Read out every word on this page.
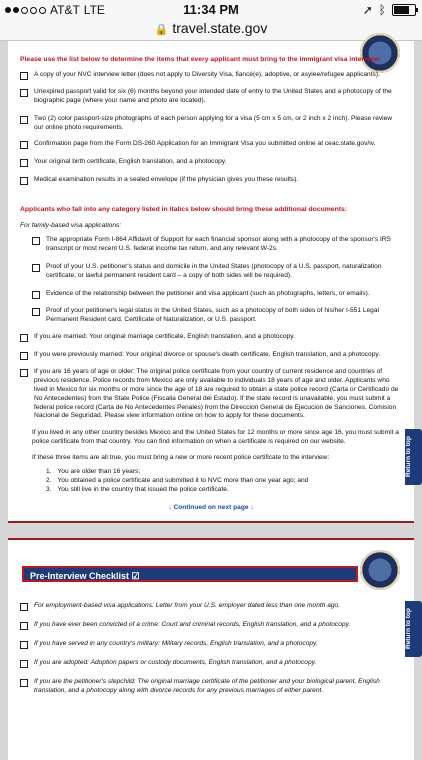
AT&T LTE	11:34 PM	➚ ᛒ
🔒 travel.state.gov
Please use the list below to determine the items that every applicant must bring to the immigrant visa interview:
A copy of your NVC interview letter (does not apply to Diversity Visa, fiancé(e), adoptive, or asylee/refugee applicants).
Unexpired passport valid for six (6) months beyond your intended date of entry to the United States and a photocopy of the biographic page (where your name and photo are located).
Two (2) color passport-size photographs of each person applying for a visa (5 cm x 5 cm, or 2 inch x 2 inch). Please review our online photo requirements.
Confirmation page from the Form DS-260 Application for an Immigrant Visa you submitted online at ceac.state.gov/iv.
Your original birth certificate, English translation, and a photocopy.
Medical examination results in a sealed envelope (if the physician gives you these results).
Applicants who fall into any category listed in italics below should bring these additional documents:
For family-based visa applications:
The appropriate Form I-864 Affidavit of Support for each financial sponsor along with a photocopy of the sponsor's IRS transcript or most recent U.S. federal income tax return, and any relevant W-2s.
Proof of your U.S. petitioner's status and domicile in the United States (photocopy of a U.S. passport, naturalization certificate, or lawful permanent resident card – a copy of both sides will be required).
Evidence of the relationship between the petitioner and visa applicant (such as photographs, letters, or emails).
Proof of your petitioner's legal status in the United States, such as a photocopy of both sides of his/her I-551 Legal Permanent Resident card, Certificate of Naturalization, or U.S. passport.
If you are married: Your original marriage certificate, English translation, and a photocopy.
If you were previously married: Your original divorce or spouse's death certificate, English translation, and a photocopy.
If you are 16 years of age or older: The original police certificate from your country of current residence and countries of previous residence. Police records from Mexico are only available to individuals 18 years of age and older. Applicants who lived in Mexico for six months or more since the age of 18 are required to obtain a state police record (Carta or Certificado de No Antecedentes) from the State Police (Fiscalia General del Estado). If the state record is unavailable, you must submit a federal police record (Carta de No Antecedentes Penales) from the Direccion General de Ejecucion de Sanciones, Comision Nacional de Seguridad. Please view information online on how to apply for these documents.
If you lived in any other country besides Mexico and the United States for 12 months or more since age 16, you must submit a police certificate from that country. You can find information on when a certificate is required on our website.
If these three items are all true, you must bring a new or more recent police certificate to the interview:
1. You are older than 16 years;
2. You obtained a police certificate and submitted it to NVC more than one year ago; and
3. You still live in the country that issued the police certificate.
↓ Continued on next page ↓
Return to top
Pre-Interview Checklist ☑
For employment-based visa applications: Letter from your U.S. employer dated less than one month ago.
If you have ever been convicted of a crime: Court and criminal records, English translation, and a photocopy.
If you have served in any country's military: Military records, English translation, and a photocopy.
If you are adopted: Adoption papers or custody documents, English translation, and a photocopy.
If you are the petitioner's stepchild: The original marriage certificate of the petitioner and your biological parent, English translation, and a photocopy along with divorce records for any previous marriages of either parent.
Return to top
